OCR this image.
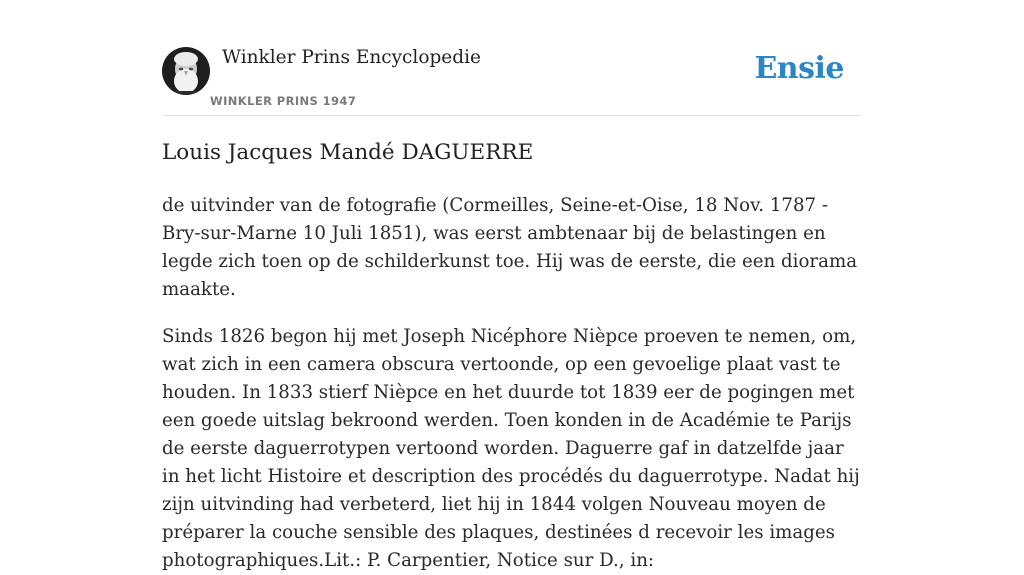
Winkler Prins Encyclopedie
WINKLER PRINS 1947
Ensie
Louis Jacques Mandé DAGUERRE

de uitvinder van de fotografie (Cormeilles, Seine-et-Oise, 18 Nov. 1787 - Bry-sur-Marne 10 Juli 1851), was eerst ambtenaar bij de belastingen en legde zich toen op de schilderkunst toe. Hij was de eerste, die een diorama maakte.

Sinds 1826 begon hij met Joseph Nicéphore Nièpce proeven te nemen, om, wat zich in een camera obscura vertoonde, op een gevoelige plaat vast te houden. In 1833 stierf Nièpce en het duurde tot 1839 eer de pogingen met een goede uitslag bekroond werden. Toen konden in de Académie te Parijs de eerste daguerrotypen vertoond worden. Daguerre gaf in datzelfde jaar in het licht Histoire et description des procédés du daguerrotype. Nadat hij zijn uitvinding had verbeterd, liet hij in 1844 volgen Nouveau moyen de préparer la couche sensible des plaques, destinées d recevoir les images photographiques.Lit.: P. Carpentier, Notice sur D., in:
